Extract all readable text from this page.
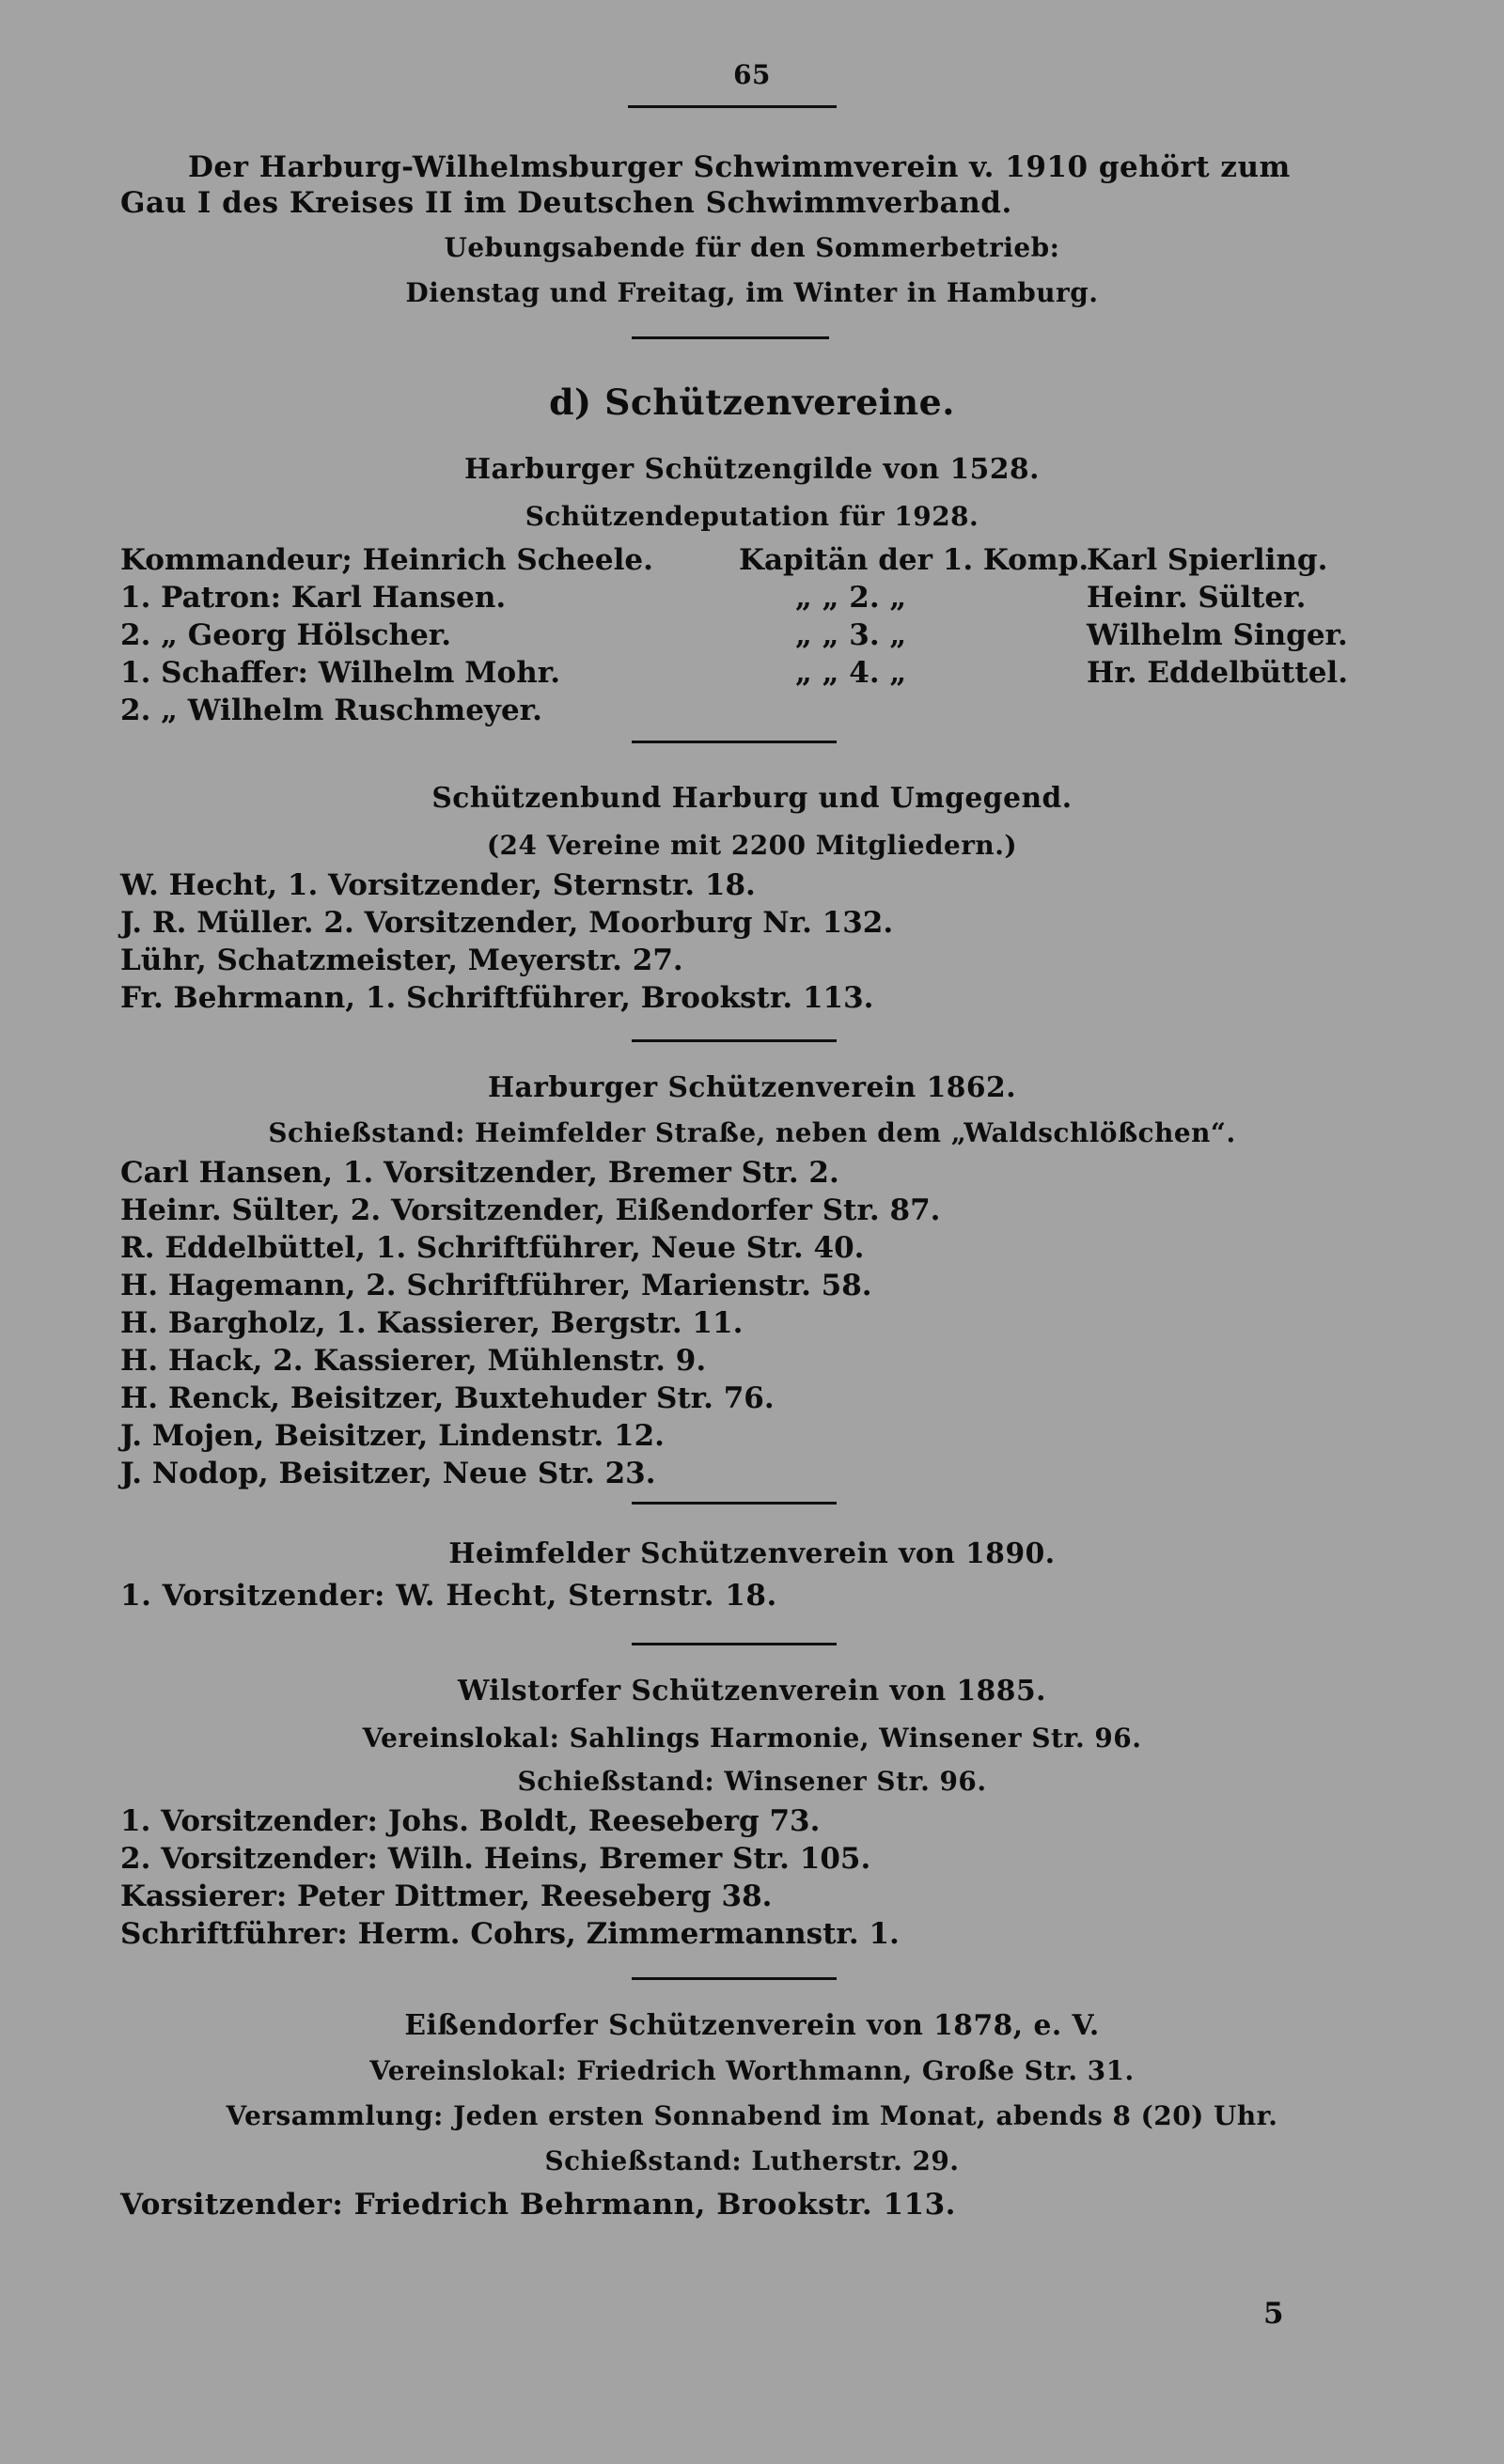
65
Der Harburg-Wilhelmsburger Schwimmverein v. 1910 gehört zum
Gau I des Kreises II im Deutschen Schwimmverband.
Uebungsabende für den Sommerbetrieb:
Dienstag und Freitag, im Winter in Hamburg.
d) Schützenvereine.
Harburger Schützengilde von 1528.
Schützendeputation für 1928.
Kommandeur; Heinrich Scheele.
1. Patron: Karl Hansen.
2. „ Georg Hölscher.
1. Schaffer: Wilhelm Mohr.
2. „ Wilhelm Ruschmeyer.
Kapitän der 1. Komp.
„ „ 2. „
„ „ 3. „
„ „ 4. „
Karl Spierling.
Heinr. Sülter.
Wilhelm Singer.
Hr. Eddelbüttel.
Schützenbund Harburg und Umgegend.
(24 Vereine mit 2200 Mitgliedern.)
W. Hecht, 1. Vorsitzender, Sternstr. 18.
J. R. Müller. 2. Vorsitzender, Moorburg Nr. 132.
Lühr, Schatzmeister, Meyerstr. 27.
Fr. Behrmann, 1. Schriftführer, Brookstr. 113.
Harburger Schützenverein 1862.
Schießstand: Heimfelder Straße, neben dem „Waldschlößchen“.
Carl Hansen, 1. Vorsitzender, Bremer Str. 2.
Heinr. Sülter, 2. Vorsitzender, Eißendorfer Str. 87.
R. Eddelbüttel, 1. Schriftführer, Neue Str. 40.
H. Hagemann, 2. Schriftführer, Marienstr. 58.
H. Bargholz, 1. Kassierer, Bergstr. 11.
H. Hack, 2. Kassierer, Mühlenstr. 9.
H. Renck, Beisitzer, Buxtehuder Str. 76.
J. Mojen, Beisitzer, Lindenstr. 12.
J. Nodop, Beisitzer, Neue Str. 23.
Heimfelder Schützenverein von 1890.
1. Vorsitzender: W. Hecht, Sternstr. 18.
Wilstorfer Schützenverein von 1885.
Vereinslokal: Sahlings Harmonie, Winsener Str. 96.
Schießstand: Winsener Str. 96.
1. Vorsitzender: Johs. Boldt, Reeseberg 73.
2. Vorsitzender: Wilh. Heins, Bremer Str. 105.
Kassierer: Peter Dittmer, Reeseberg 38.
Schriftführer: Herm. Cohrs, Zimmermannstr. 1.
Eißendorfer Schützenverein von 1878, e. V.
Vereinslokal: Friedrich Worthmann, Große Str. 31.
Versammlung: Jeden ersten Sonnabend im Monat, abends 8 (20) Uhr.
Schießstand: Lutherstr. 29.
Vorsitzender: Friedrich Behrmann, Brookstr. 113.
5
